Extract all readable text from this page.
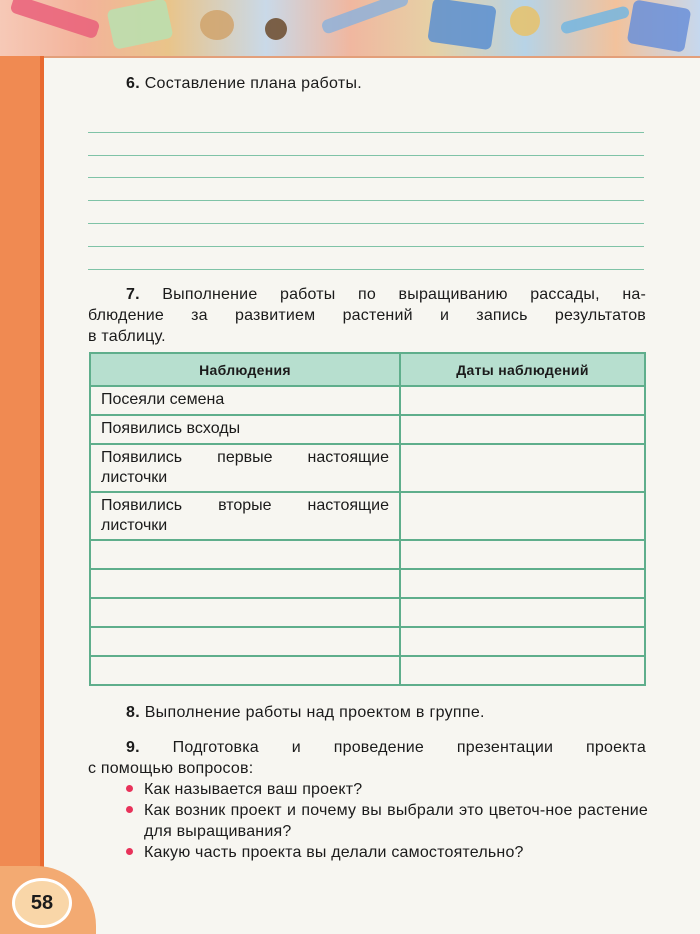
6. Составление плана работы.
7. Выполнение работы по выращиванию рассады, на-
блюдение за развитием растений и запись результатов
в таблицу.
Наблюдения	Даты наблюдений
Посеяли семена	
Появились всходы	
Появились первые настоящие листочки	
Появились вторые настоящие листочки	

8. Выполнение работы над проектом в группе.
9. Подготовка и проведение презентации проекта
с помощью вопросов:
Как называется ваш проект?
Как возник проект и почему вы выбрали это цветоч-ное растение для выращивания?
Какую часть проекта вы делали самостоятельно?
58
